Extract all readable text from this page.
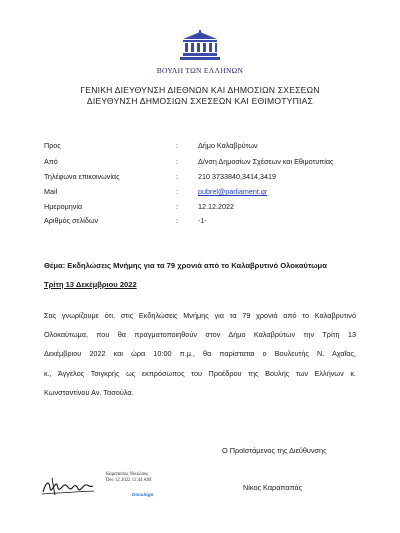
ΒΟΥΛΗ ΤΩΝ ΕΛΛΗΝΩΝ
ΓΕΝΙΚΗ ΔΙΕΥΘΥΝΣΗ ΔΙΕΘΝΩΝ ΚΑΙ ΔΗΜΟΣΙΩΝ ΣΧΕΣΕΩΝ
ΔΙΕΥΘΥΝΣΗ ΔΗΜΟΣΙΩΝ ΣΧΕΣΕΩΝ ΚΑΙ ΕΘΙΜΟΤΥΠΙΑΣ
Προς	:	Δήμο Καλαβρύτων
Από	:	Δ/νση Δημοσίων Σχέσεων και Εθιμοτυπίας
Τηλέφωνα επικοινωνίας	:	210 3733840,3414,3419
Mail	:	pubrel@parliament.gr
Ημερομηνία	:	12.12.2022
Αριθμός σελίδων	:	-1-
Θέμα: Εκδηλώσεις Μνήμης για τα 79 χρονιά από το Καλαβρυτινό Ολοκαύτωμα
Τρίτη 13 Δεκέμβριου 2022
Σας γνωρίζουμε ότι, στις Εκδηλώσεις Μνήμης για τα 79 χρονιά από το Καλαβρυτινό
Ολοκαύτωμα, που θα πραγματοποιηθούν στον Δήμο Καλαβρύτων την Τρίτη 13
Δεκέμβριου 2022 και ώρα 10:00 π.μ., θα παρίσταται ο Βουλευτής Ν. Αχαΐας,
κ., Άγγελος Τσιγκρής ως εκπρόσωπος του Προέδρου της Βουλής των Ελλήνων κ.
Κωνσταντίνου Αν. Τασούλα.
Ο Προϊστάμενος της Διεύθυνσης
Καραπαπάς Νικόλαος
Dec 12 2022 11:44 AM
DocuSign
Νίκος Καραπαπάς
